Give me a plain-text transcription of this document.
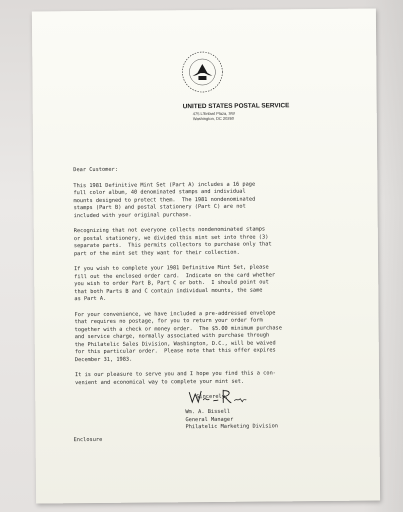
UNITED STATES POSTAL SERVICE
475 L'Enfant Plaza, SW
Washington, DC 20260
Dear Customer:
This 1981 Definitive Mint Set (Part A) includes a 16 page
full color album, 40 denominated stamps and individual
mounts designed to protect them.  The 1981 nondenominated
stamps (Part B) and postal stationery (Part C) are not
included with your original purchase.
Recognizing that not everyone collects nondenominated stamps
or postal stationery, we divided this mint set into three (3)
separate parts.  This permits collectors to purchase only that
part of the mint set they want for their collection.
If you wish to complete your 1981 Definitive Mint Set, please
fill out the enclosed order card.  Indicate on the card whether
you wish to order Part B, Part C or both.  I should point out
that both Parts B and C contain individual mounts, the same
as Part A.
For your convenience, we have included a pre-addressed envelope
that requires no postage, for you to return your order form
together with a check or money order.  The $5.00 minimum purchase
and service charge, normally associated with purchase through
the Philatelic Sales Division, Washington, D.C., will be waived
for this particular order.  Please note that this offer expires
December 31, 1983.
It is our pleasure to serve you and I hope you find this a con-
venient and economical way to complete your mint set.
Sincerely,
Wm. A. Bissell
General Manager
Philatelic Marketing Division
Enclosure
